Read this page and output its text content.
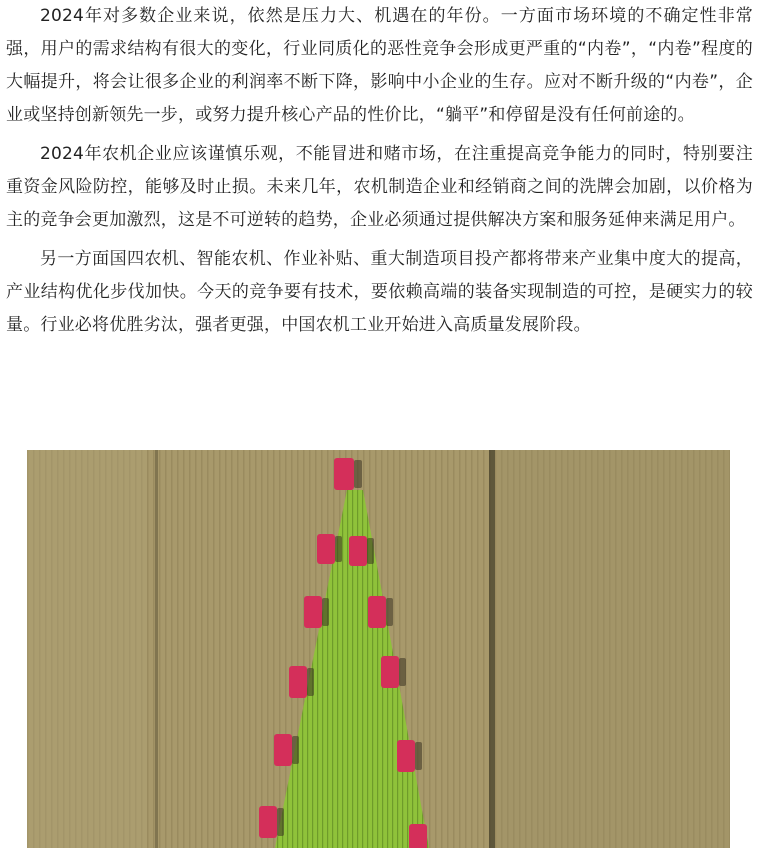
2024年对多数企业来说，依然是压力大、机遇在的年份。一方面市场环境的不确定性非常强，用户的需求结构有很大的变化，行业同质化的恶性竞争会形成更严重的“内卷”，“内卷”程度的大幅提升，将会让很多企业的利润率不断下降，影响中小企业的生存。应对不断升级的“内卷”，企业或坚持创新领先一步，或努力提升核心产品的性价比，“躺平”和停留是没有任何前途的。

2024年农机企业应该谨慎乐观，不能冒进和赌市场，在注重提高竞争能力的同时，特别要注重资金风险防控，能够及时止损。未来几年，农机制造企业和经销商之间的洗牌会加剧，以价格为主的竞争会更加激烈，这是不可逆转的趋势，企业必须通过提供解决方案和服务延伸来满足用户。

另一方面国四农机、智能农机、作业补贴、重大制造项目投产都将带来产业集中度大的提高，产业结构优化步伐加快。今天的竞争要有技术，要依赖高端的装备实现制造的可控，是硬实力的较量。行业必将优胜劣汰，强者更强，中国农机工业开始进入高质量发展阶段。
